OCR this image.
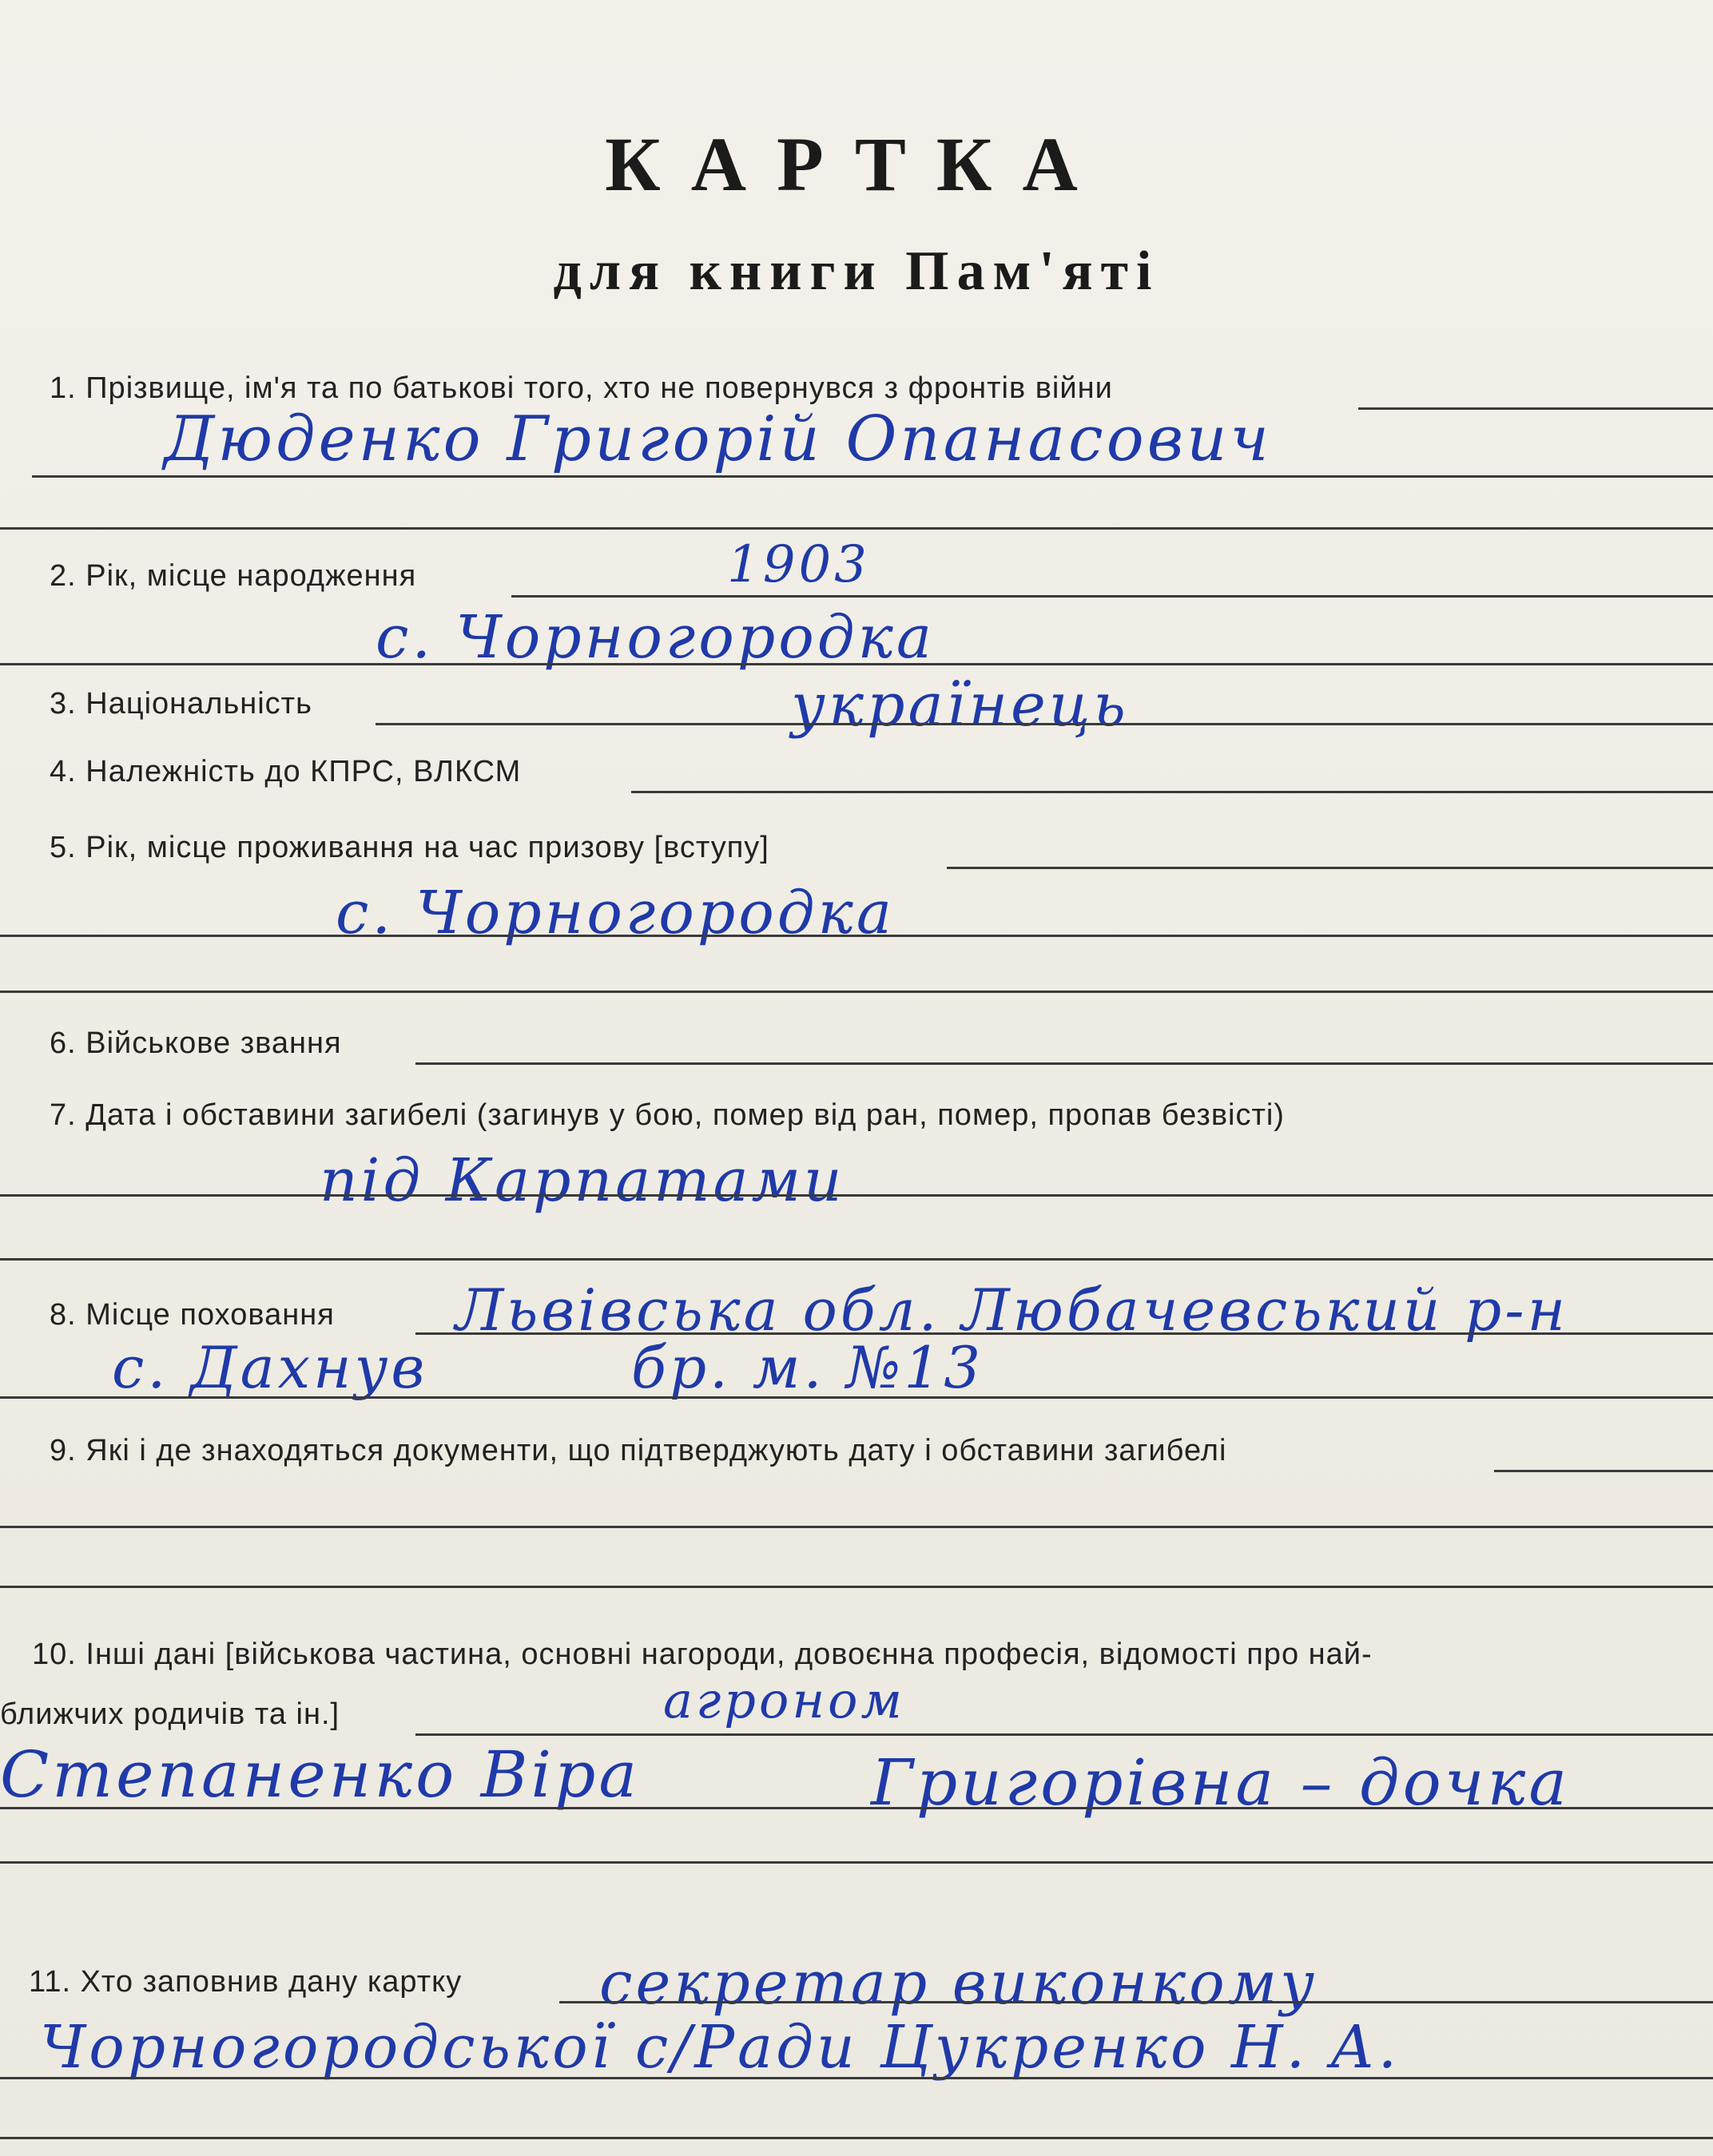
КАРТКА
для книги Пам'яті
1. Прізвище, ім'я та по батькові того, хто не повернувся з фронтів війни
Дюденко Григорій Опанасович
2. Рік, місце народження	1903
с. Чорногородка
3. Національність	українець
4. Належність до КПРС, ВЛКСМ
5. Рік, місце проживання на час призову [вступу]
с. Чорногородка
6. Військове звання
7. Дата і обставини загибелі (загинув у бою, помер від ран, помер, пропав безвісті)
під Карпатами
8. Місце поховання Львівська обл. Любачевський р-н
с. Дахнув	бр. м. №13
9. Які і де знаходяться документи, що підтверджують дату і обставини загибелі
10. Інші дані [військова частина, основні нагороди, довоєнна професія, відомості про най-
ближчих родичів та ін.]	агроном
Степаненко Віра	Григорівна – дочка
11. Хто заповнив дану картку секретар виконкому
Чорногородської с/Ради Цукренко Н. А.
